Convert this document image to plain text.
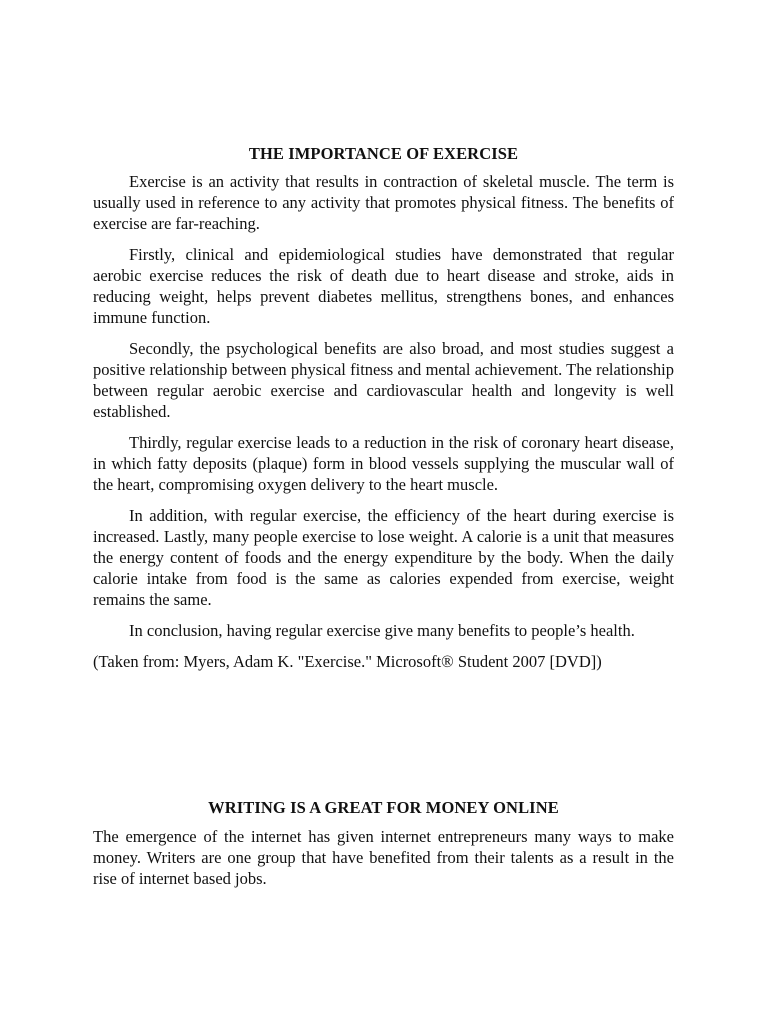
THE IMPORTANCE OF EXERCISE

Exercise is an activity that results in contraction of skeletal muscle. The term is usually used in reference to any activity that promotes physical fitness. The benefits of exercise are far-reaching.

Firstly, clinical and epidemiological studies have demonstrated that regular aerobic exercise reduces the risk of death due to heart disease and stroke, aids in reducing weight, helps prevent diabetes mellitus, strengthens bones, and enhances immune function.

Secondly, the psychological benefits are also broad, and most studies suggest a positive relationship between physical fitness and mental achievement. The relationship between regular aerobic exercise and cardiovascular health and longevity is well established.

Thirdly, regular exercise leads to a reduction in the risk of coronary heart disease, in which fatty deposits (plaque) form in blood vessels supplying the muscular wall of the heart, compromising oxygen delivery to the heart muscle.

In addition, with regular exercise, the efficiency of the heart during exercise is increased. Lastly, many people exercise to lose weight. A calorie is a unit that measures the energy content of foods and the energy expenditure by the body. When the daily calorie intake from food is the same as calories expended from exercise, weight remains the same.

In conclusion, having regular exercise give many benefits to people’s health.

(Taken from: Myers, Adam K. "Exercise." Microsoft® Student 2007 [DVD])

WRITING IS A GREAT FOR MONEY ONLINE

The emergence of the internet has given internet entrepreneurs many ways to make money. Writers are one group that have benefited from their talents as a result in the rise of internet based jobs.
